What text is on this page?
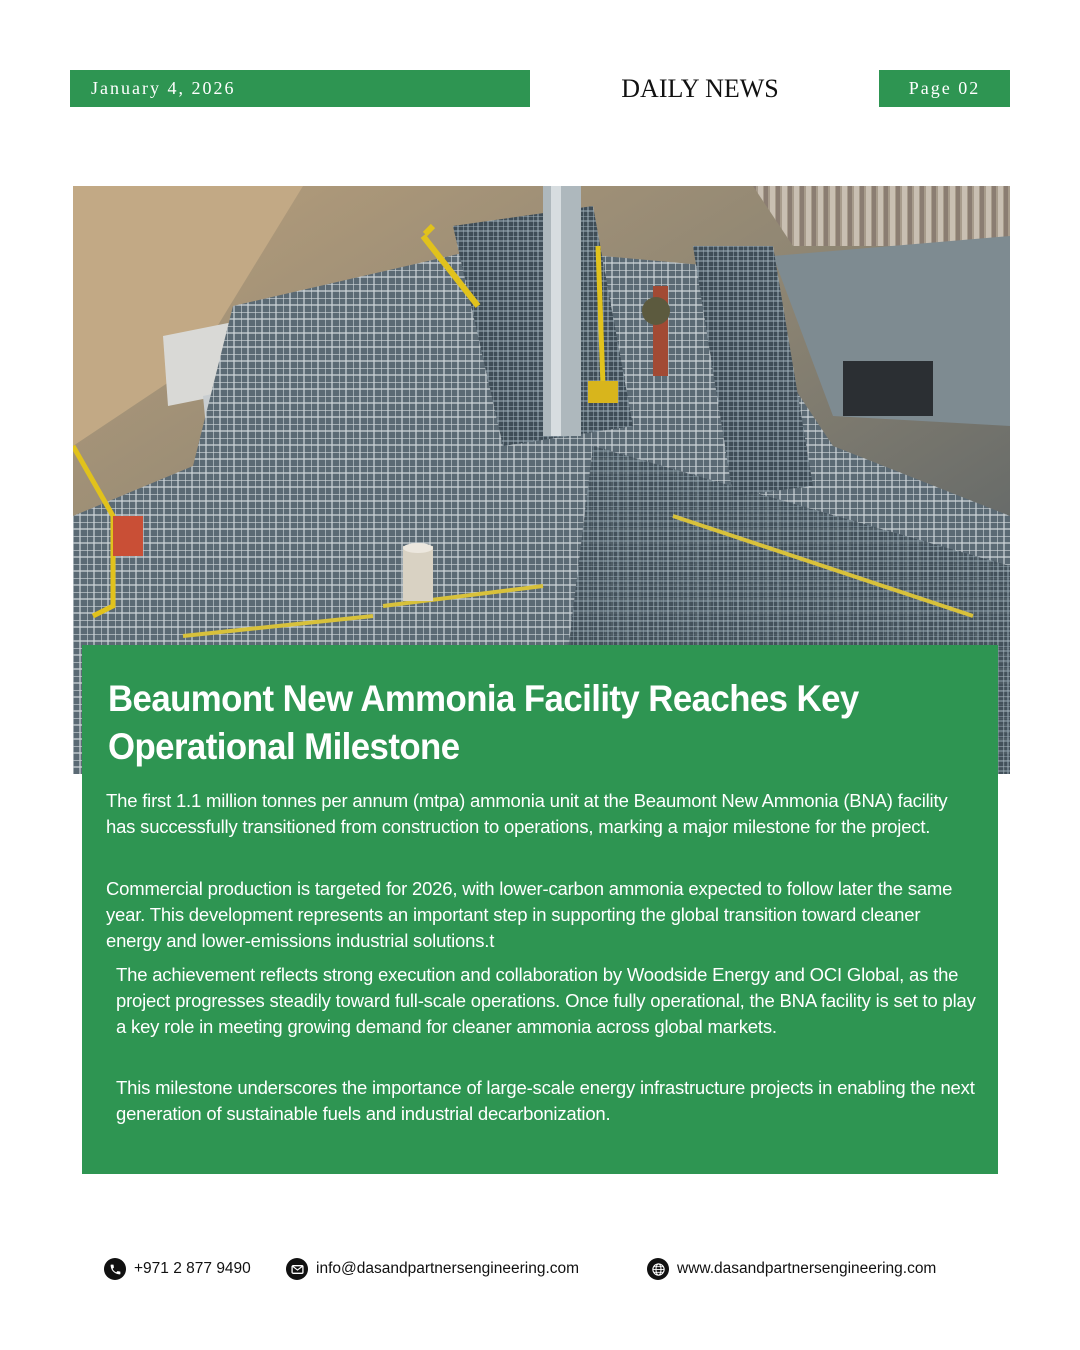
January 4, 2026	DAILY NEWS	Page 02
Beaumont New Ammonia Facility Reaches Key Operational Milestone

The first 1.1 million tonnes per annum (mtpa) ammonia unit at the Beaumont New Ammonia (BNA) facility has successfully transitioned from construction to operations, marking a major milestone for the project.

Commercial production is targeted for 2026, with lower-carbon ammonia expected to follow later the same year. This development represents an important step in supporting the global transition toward cleaner energy and lower-emissions industrial solutions.t

The achievement reflects strong execution and collaboration by Woodside Energy and OCI Global, as the project progresses steadily toward full-scale operations. Once fully operational, the BNA facility is set to play a key role in meeting growing demand for cleaner ammonia across global markets.

This milestone underscores the importance of large-scale energy infrastructure projects in enabling the next generation of sustainable fuels and industrial decarbonization.

+971 2 877 9490	info@dasandpartnersengineering.com	www.dasandpartnersengineering.com
